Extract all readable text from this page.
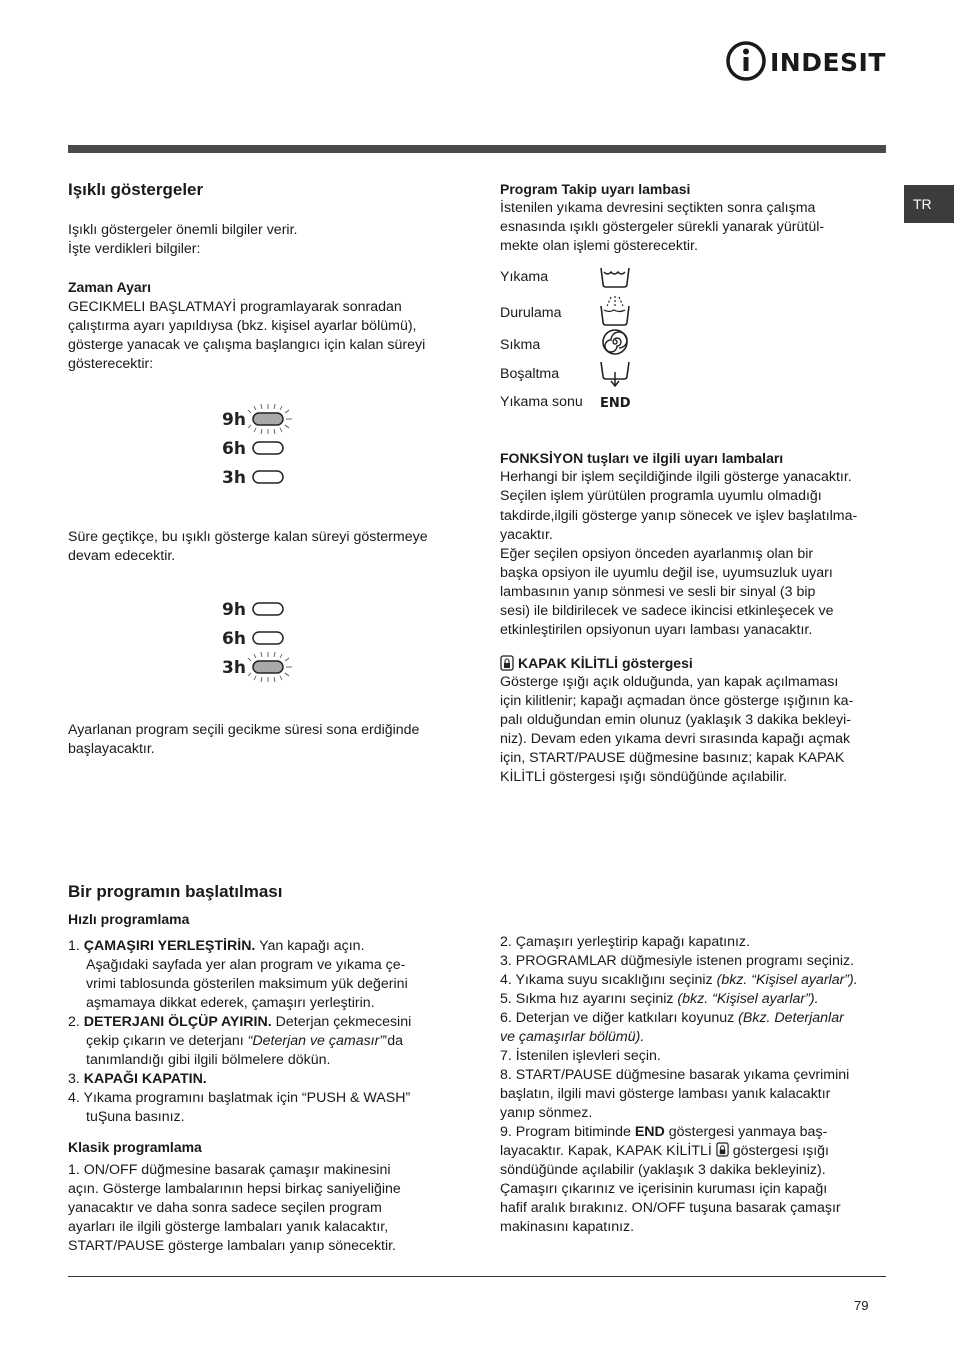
INDESIT
TR
Işıklı göstergeler

Işıklı göstergeler önemli bilgiler verir.

İşte verdikleri bilgiler:

Zaman Ayarı

GECIKMELI BAŞLATMAYİ programlayarak sonradan

çalıştırma ayarı yapıldıysa (bkz. kişisel ayarlar bölümü),

gösterge yanacak ve çalışma başlangıcı için kalan süreyi

gösterecektir:

9h
6h
3h

Süre geçtikçe, bu ışıklı gösterge kalan süreyi göstermeye

devam edecektir.

9h
6h
3h

Ayarlanan program seçili gecikme süresi sona erdiğinde

başlayacaktır.

Program Takip uyarı lambasi

İstenilen yıkama devresini seçtikten sonra çalışma

esnasında ışıklı göstergeler sürekli yanarak yürütül-

mekte olan işlemi gösterecektir.

Yıkama
Durulama
Sıkma
Boşaltma
Yıkama sonu END
FONKSİYON tuşları ve ilgili uyarı lambaları

Herhangi bir işlem seçildiğinde ilgili gösterge yanacaktır.

Seçilen işlem yürütülen programla uyumlu olmadığı

takdirde,ilgili gösterge yanıp sönecek ve işlev başlatılma-

yacaktır.

Eğer seçilen opsiyon önceden ayarlanmış olan bir

başka opsiyon ile uyumlu değil ise, uyumsuzluk uyarı

lambasının yanıp sönmesi ve sesli bir sinyal (3 bip

sesi) ile bildirilecek ve sadece ikincisi etkinleşecek ve

etkinleştirilen opsiyonun uyarı lambası yanacaktır.

KAPAK KİLİTLİ göstergesi

Gösterge ışığı açık olduğunda, yan kapak açılmaması

için kilitlenir; kapağı açmadan önce gösterge ışığının ka-

palı olduğundan emin olunuz (yaklaşık 3 dakika bekleyi-

niz). Devam eden yıkama devri sırasında kapağı açmak

için, START/PAUSE düğmesine basınız; kapak KAPAK

KİLİTLİ göstergesi ışığı söndüğünde açılabilir.

Bir programın başlatılması
Hızlı programlama

1. ÇAMAŞIRI YERLEŞTİRİN. Yan kapağı açın.

Aşağıdaki sayfada yer alan program ve yıkama çe-

vrimi tablosunda gösterilen maksimum yük değerini

aşmamaya dikkat ederek, çamaşırı yerleştirin.

2. DETERJANI ÖLÇÜP AYIRIN. Deterjan çekmecesini

çekip çıkarın ve deterjanı “Deterjan ve çamasır”’da

tanımlandığı gibi ilgili bölmelere dökün.

3. KAPAĞI KAPATIN.

4. Yıkama programını başlatmak için “PUSH & WASH”

tuŞuna basınız.

Klasik programlama

1. ON/OFF düğmesine basarak çamaşır makinesini

açın. Gösterge lambalarının hepsi birkaç saniyeliğine

yanacaktır ve daha sonra sadece seçilen program

ayarları ile ilgili gösterge lambaları yanık kalacaktır,

START/PAUSE gösterge lambaları yanıp sönecektir.

2. Çamaşırı yerleştirip kapağı kapatınız.

3. PROGRAMLAR düğmesiyle istenen programı seçiniz.

4. Yıkama suyu sıcaklığını seçiniz (bkz. “Kişisel ayarlar”).

5. Sıkma hız ayarını seçiniz (bkz. “Kişisel ayarlar”).

6. Deterjan ve diğer katkıları koyunuz (Bkz. Deterjanlar

ve çamaşırlar bölümü).

7. İstenilen işlevleri seçin.

8. START/PAUSE düğmesine basarak yıkama çevrimini

başlatın, ilgili mavi gösterge lambası yanık kalacaktır

yanıp sönmez.

9. Program bitiminde END göstergesi yanmaya baş-

layacaktır. Kapak, KAPAK KİLİTLİ  göstergesi ışığı

söndüğünde açılabilir (yaklaşık 3 dakika bekleyiniz).

Çamaşırı çıkarınız ve içerisinin kuruması için kapağı

hafif aralık bırakınız. ON/OFF tuşuna basarak çamaşır

makinasını kapatınız.

79
